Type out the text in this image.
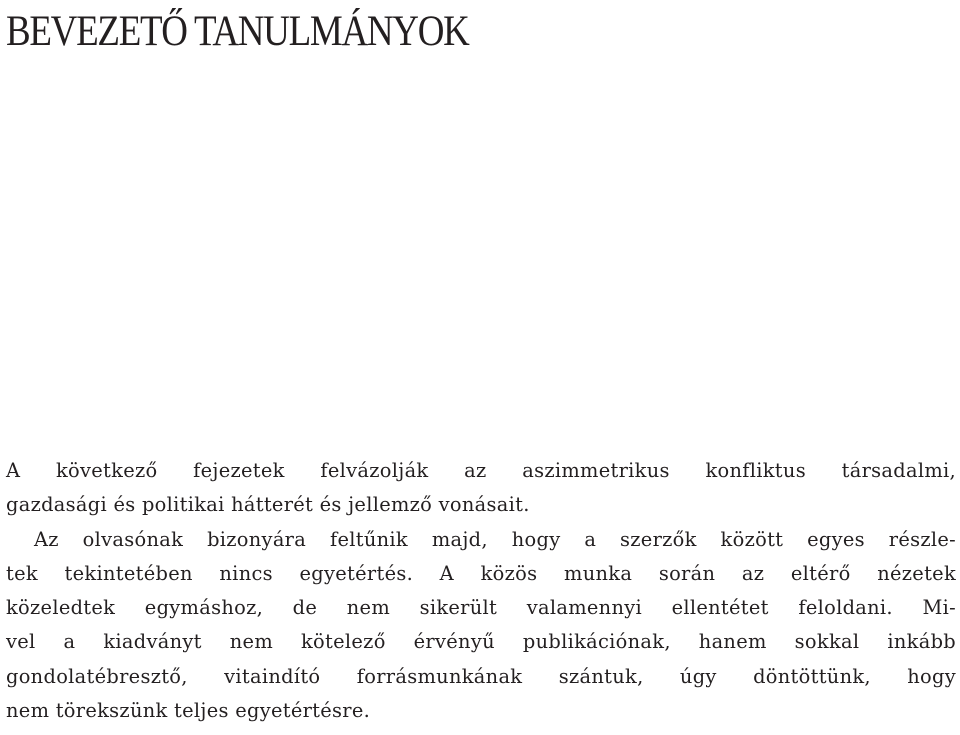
BEVEZETŐ TANULMÁNYOK
A következő fejezetek felvázolják az aszimmetrikus konfliktus társadalmi,
gazdasági és politikai hátterét és jellemző vonásait.
Az olvasónak bizonyára feltűnik majd, hogy a szerzők között egyes részle-
tek tekintetében nincs egyetértés. A közös munka során az eltérő nézetek
közeledtek egymáshoz, de nem sikerült valamennyi ellentétet feloldani. Mi-
vel a kiadványt nem kötelező érvényű publikációnak, hanem sokkal inkább
gondolatébresztő, vitaindító forrásmunkának szántuk, úgy döntöttünk, hogy
nem törekszünk teljes egyetértésre.
